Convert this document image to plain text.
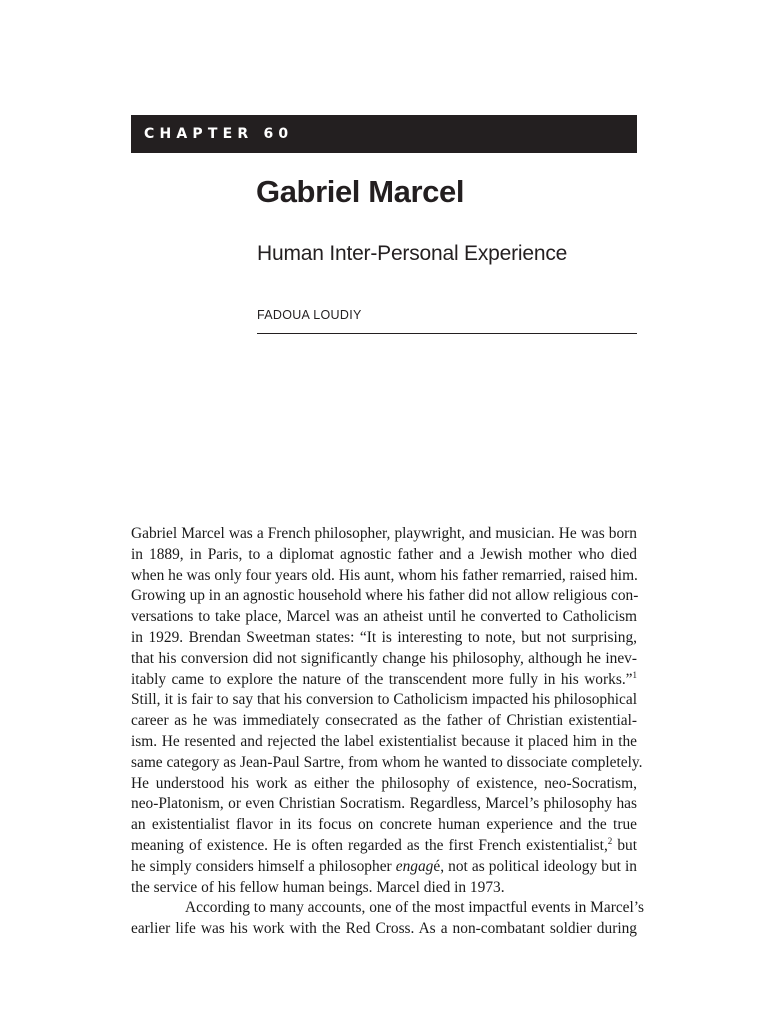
CHAPTER 60
Gabriel Marcel
Human Inter-Personal Experience
FADOUA LOUDIY

Gabriel Marcel was a French philosopher, playwright, and musician. He was born
in 1889, in Paris, to a diplomat agnostic father and a Jewish mother who died
when he was only four years old. His aunt, whom his father remarried, raised him.
Growing up in an agnostic household where his father did not allow religious con-
versations to take place, Marcel was an atheist until he converted to Catholicism
in 1929. Brendan Sweetman states: “It is interesting to note, but not surprising,
that his conversion did not significantly change his philosophy, although he inev-
itably came to explore the nature of the transcendent more fully in his works.”$^1$
Still, it is fair to say that his conversion to Catholicism impacted his philosophical
career as he was immediately consecrated as the father of Christian existential-
ism. He resented and rejected the label existentialist because it placed him in the
same category as Jean-Paul Sartre, from whom he wanted to dissociate completely.
He understood his work as either the philosophy of existence, neo-Socratism,
neo-Platonism, or even Christian Socratism. Regardless, Marcel’s philosophy has
an existentialist flavor in its focus on concrete human experience and the true
meaning of existence. He is often regarded as the first French existentialist,$^2$ but
he simply considers himself a philosopher engagé, not as political ideology but in
the service of his fellow human beings. Marcel died in 1973.

According to many accounts, one of the most impactful events in Marcel’s
earlier life was his work with the Red Cross. As a non-combatant soldier during
